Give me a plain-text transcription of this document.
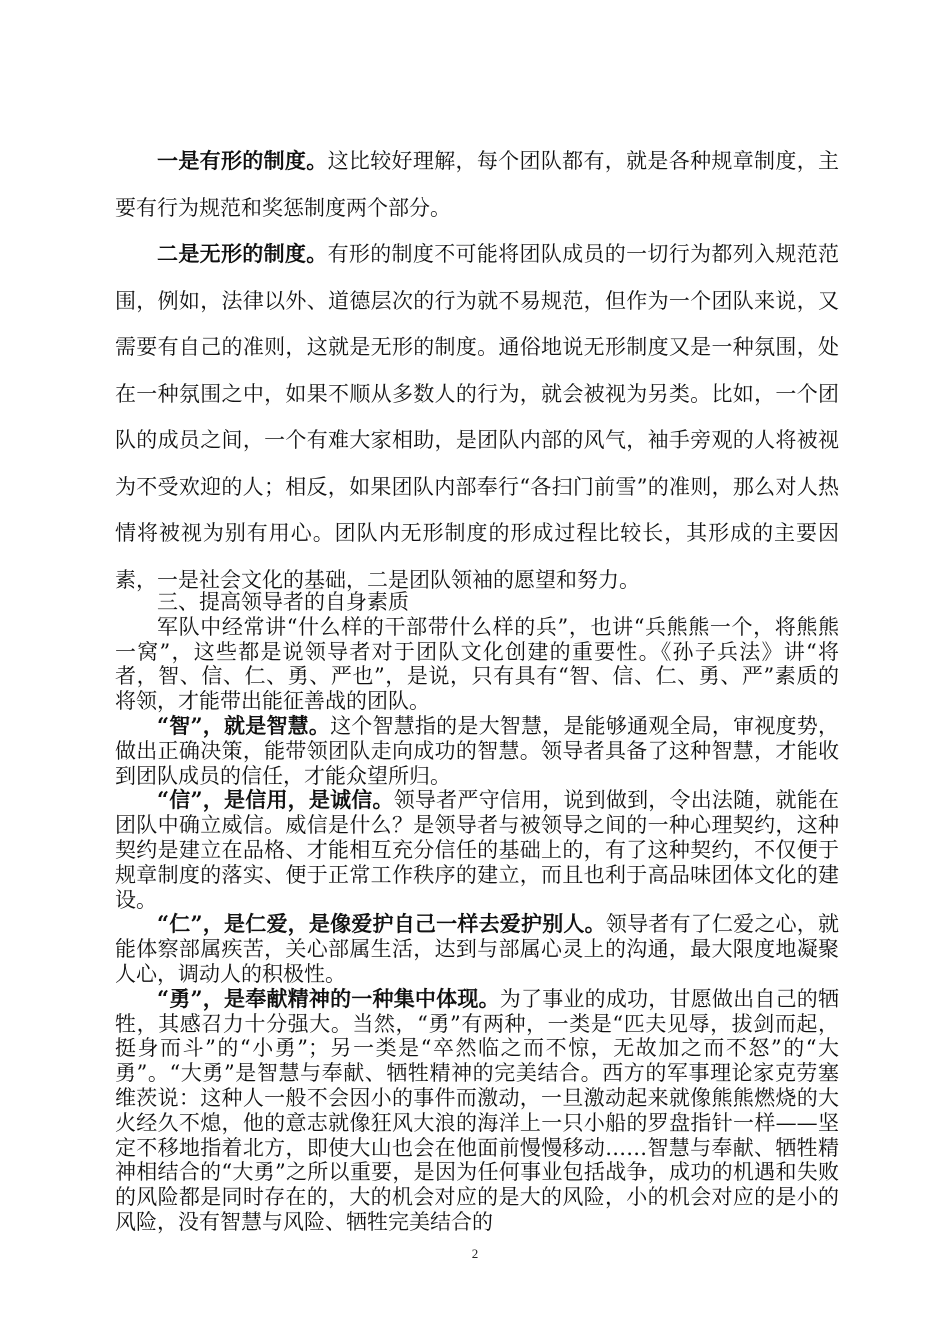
一是有形的制度。这比较好理解，每个团队都有，就是各种规章制度，主要有行为规范和奖惩制度两个部分。

二是无形的制度。有形的制度不可能将团队成员的一切行为都列入规范范围，例如，法律以外、道德层次的行为就不易规范，但作为一个团队来说，又需要有自己的准则，这就是无形的制度。通俗地说无形制度又是一种氛围，处在一种氛围之中，如果不顺从多数人的行为，就会被视为另类。比如，一个团队的成员之间，一个有难大家相助，是团队内部的风气，袖手旁观的人将被视为不受欢迎的人；相反，如果团队内部奉行“各扫门前雪”的准则，那么对人热情将被视为别有用心。团队内无形制度的形成过程比较长，其形成的主要因素，一是社会文化的基础，二是团队领袖的愿望和努力。

三、提高领导者的自身素质

军队中经常讲“什么样的干部带什么样的兵”，也讲“兵熊熊一个，将熊熊一窝”，这些都是说领导者对于团队文化创建的重要性。《孙子兵法》讲“将者，智、信、仁、勇、严也”，是说，只有具有“智、信、仁、勇、严”素质的将领，才能带出能征善战的团队。

“智”，就是智慧。这个智慧指的是大智慧，是能够通观全局，审视度势，做出正确决策，能带领团队走向成功的智慧。领导者具备了这种智慧，才能收到团队成员的信任，才能众望所归。

“信”，是信用，是诚信。领导者严守信用，说到做到，令出法随，就能在团队中确立威信。威信是什么？是领导者与被领导之间的一种心理契约，这种契约是建立在品格、才能相互充分信任的基础上的，有了这种契约，不仅便于规章制度的落实、便于正常工作秩序的建立，而且也利于高品味团体文化的建设。

“仁”，是仁爱，是像爱护自己一样去爱护别人。领导者有了仁爱之心，就能体察部属疾苦，关心部属生活，达到与部属心灵上的沟通，最大限度地凝聚人心，调动人的积极性。

“勇”，是奉献精神的一种集中体现。为了事业的成功，甘愿做出自己的牺牲，其感召力十分强大。当然，“勇”有两种，一类是“匹夫见辱，拔剑而起，挺身而斗”的“小勇”；另一类是“卒然临之而不惊，无故加之而不怒”的“大勇”。“大勇”是智慧与奉献、牺牲精神的完美结合。西方的军事理论家克劳塞维茨说：这种人一般不会因小的事件而激动，一旦激动起来就像熊熊燃烧的大火经久不熄，他的意志就像狂风大浪的海洋上一只小船的罗盘指针一样——坚定不移地指着北方，即使大山也会在他面前慢慢移动……智慧与奉献、牺牲精神相结合的“大勇”之所以重要，是因为任何事业包括战争，成功的机遇和失败的风险都是同时存在的，大的机会对应的是大的风险，小的机会对应的是小的风险，没有智慧与风险、牺牲完美结合的

2
